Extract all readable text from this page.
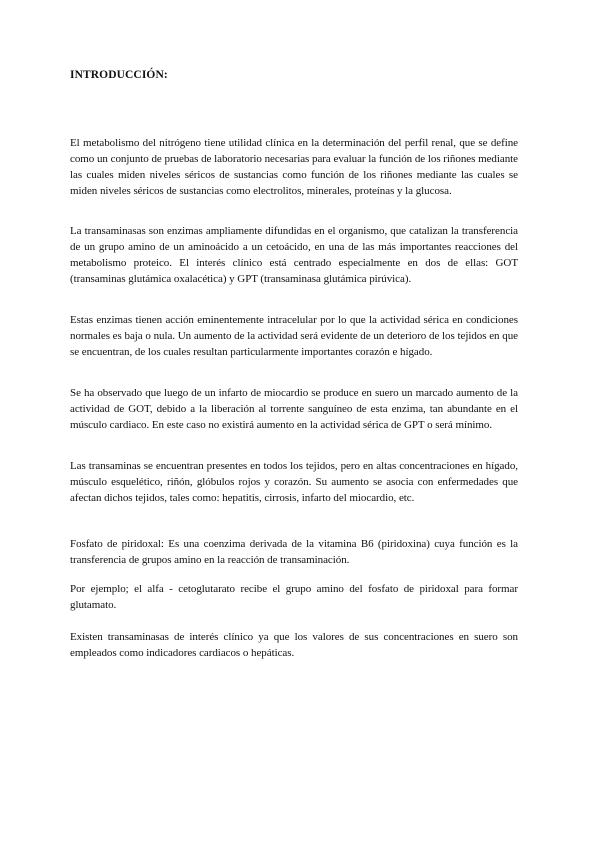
INTRODUCCIÓN:

El metabolismo del nitrógeno tiene utilidad clínica en la determinación del perfil renal, que se define como un conjunto de pruebas de laboratorio necesarias para evaluar la función de los riñones mediante las cuales miden niveles séricos de sustancias como función de los riñones mediante las cuales se miden niveles séricos de sustancias como electrolitos, minerales, proteínas y la glucosa.

La transaminasas son enzimas ampliamente difundidas en el organismo, que catalizan la transferencia de un grupo amino de un aminoácido a un cetoácido, en una de las más importantes reacciones del metabolismo proteico. El interés clínico está centrado especialmente en dos de ellas: GOT (transaminas glutámica oxalacética) y GPT (transaminasa glutámica pirúvica).

Estas enzimas tienen acción eminentemente intracelular por lo que la actividad sérica en condiciones normales es baja o nula. Un aumento de la actividad será evidente de un deterioro de los tejidos en que se encuentran, de los cuales resultan particularmente importantes corazón e hígado.

Se ha observado que luego de un infarto de miocardio se produce en suero un marcado aumento de la actividad de GOT, debido a la liberación al torrente sanguíneo de esta enzima, tan abundante en el músculo cardiaco. En este caso no existirá aumento en la actividad sérica de GPT o será mínimo.

Las transaminas se encuentran presentes en todos los tejidos, pero en altas concentraciones en hígado, músculo esquelético, riñón, glóbulos rojos y corazón. Su aumento se asocia con enfermedades que afectan dichos tejidos, tales como: hepatitis, cirrosis, infarto del miocardio, etc.

Fosfato de piridoxal: Es una coenzima derivada de la vitamina B6 (piridoxina) cuya función es la transferencia de grupos amino en la reacción de transaminación.

Por ejemplo; el alfa - cetoglutarato recibe el grupo amino del fosfato de piridoxal para formar glutamato.

Existen transaminasas de interés clínico ya que los valores de sus concentraciones en suero son empleados como indicadores cardiacos o hepáticas.
